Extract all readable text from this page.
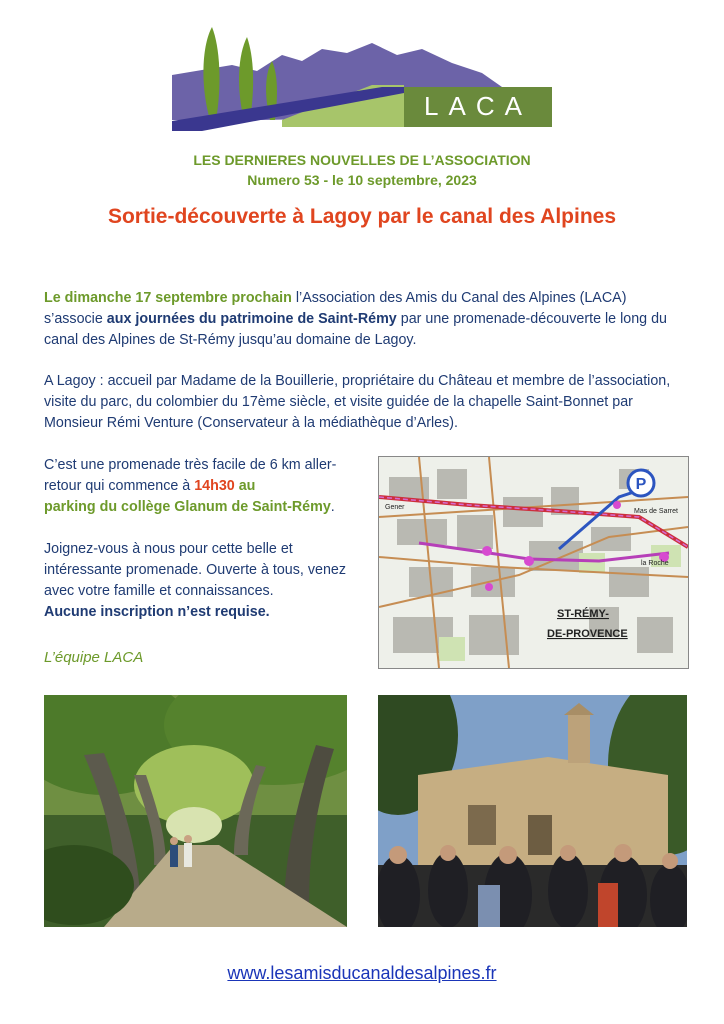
LACA
LES DERNIERES NOUVELLES DE L’ASSOCIATION
Numero 53 - le 10 septembre, 2023
Sortie-découverte à Lagoy par le canal des Alpines
Le dimanche 17 septembre prochain l’Association des Amis du Canal des Alpines (LACA) s’associe aux journées du patrimoine de Saint-Rémy par une promenade-découverte le long du canal des Alpines de St-Rémy jusqu’au domaine de Lagoy.
A Lagoy : accueil par Madame de la Bouillerie, propriétaire du Château et membre de l’association, visite du parc, du colombier du 17ème siècle, et visite guidée de la chapelle Saint-Bonnet par Monsieur Rémi Venture (Conservateur à la médiathèque d’Arles).
C’est une promenade très facile de 6 km aller-retour qui commence à 14h30 au
parking du collège Glanum de Saint-Rémy.
Joignez-vous à nous pour cette belle et intéressante promenade. Ouverte à tous, venez avec votre famille et connaissances.
Aucune inscription n’est requise.
L’équipe LACA
P
Mas de Sarret
la Roche
Gener
ST-RÉMY-
DE-PROVENCE
www.lesamisducanaldesalpines.fr
